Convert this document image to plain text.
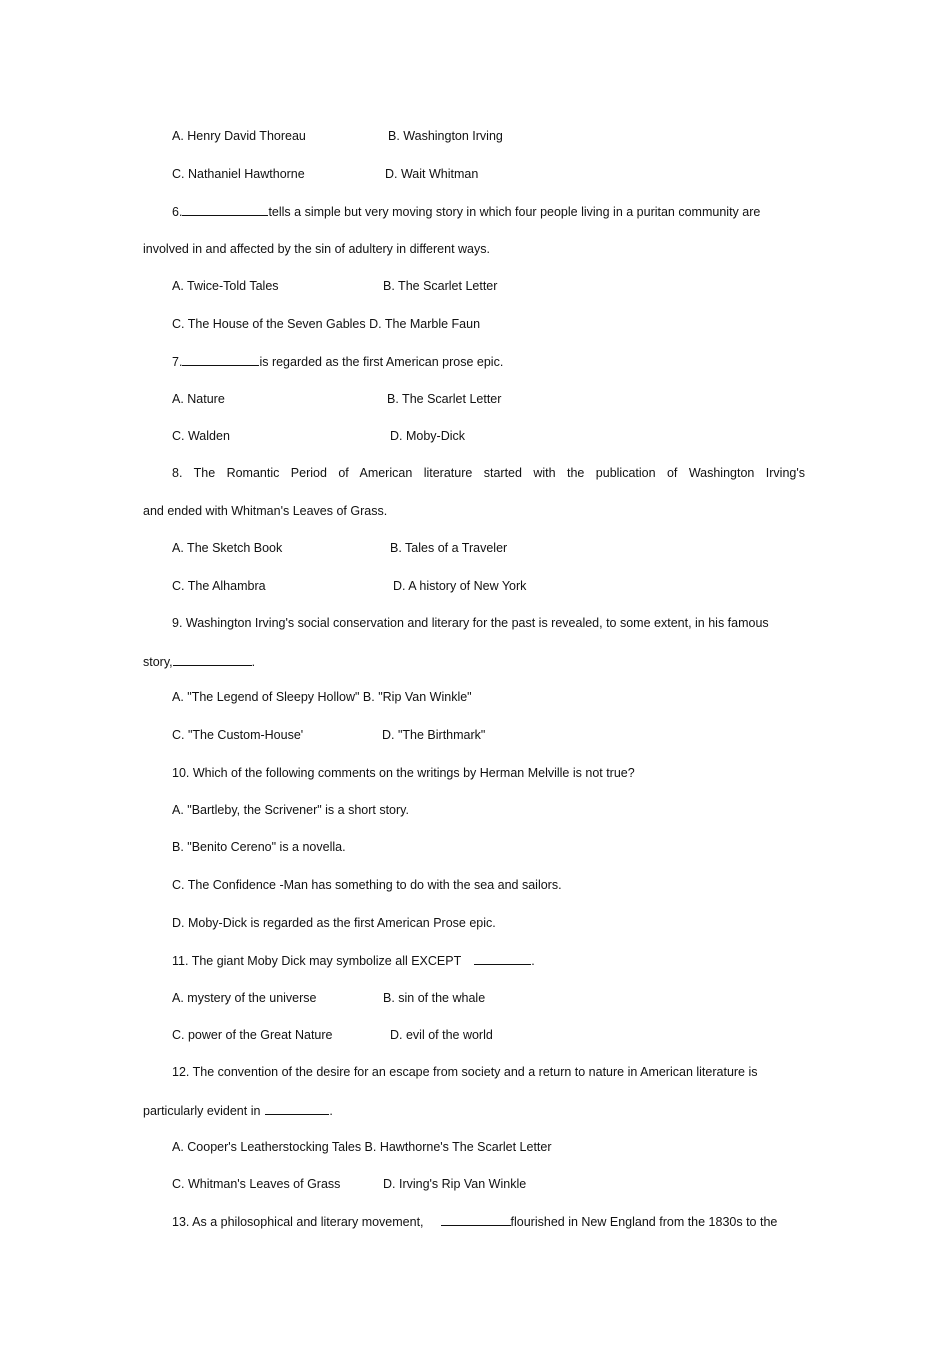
A. Henry David Thoreau	B. Washington Irving
C. Nathaniel Hawthorne	D. Wait Whitman
6.	tells a simple but very moving story in which four people living in a puritan community are
involved in and affected by the sin of adultery in different ways.
A. Twice-Told Tales	B. The Scarlet Letter
C. The House of the Seven Gables D. The Marble Faun
7.	is regarded as the first American prose epic.
A. Nature	B. The Scarlet Letter
C. Walden	D. Moby-Dick
8. The Romantic Period of American literature started with the publication of Washington Irving's
and ended with Whitman's Leaves of Grass.
A. The Sketch Book	B. Tales of a Traveler
C. The Alhambra	D. A history of New York
9. Washington Irving's social conservation and literary for the past is revealed, to some extent, in his famous
story,	.
A. "The Legend of Sleepy Hollow" B. "Rip Van Winkle"
C. "The Custom-House'	D. "The Birthmark"
10. Which of the following comments on the writings by Herman Melville is not true?
A. "Bartleby, the Scrivener" is a short story.
B. "Benito Cereno" is a novella.
C. The Confidence -Man has something to do with the sea and sailors.
D. Moby-Dick is regarded as the first American Prose epic.
11. The giant Moby Dick may symbolize all EXCEPT	.
A. mystery of the universe	B. sin of the whale
C. power of the Great Nature	D. evil of the world
12. The convention of the desire for an escape from society and a return to nature in American literature is
particularly evident in	.
A. Cooper's Leatherstocking Tales B. Hawthorne's The Scarlet Letter
C. Whitman's Leaves of Grass	D. Irving's Rip Van Winkle
13. As a philosophical and literary movement,	flourished in New England from the 1830s to the
